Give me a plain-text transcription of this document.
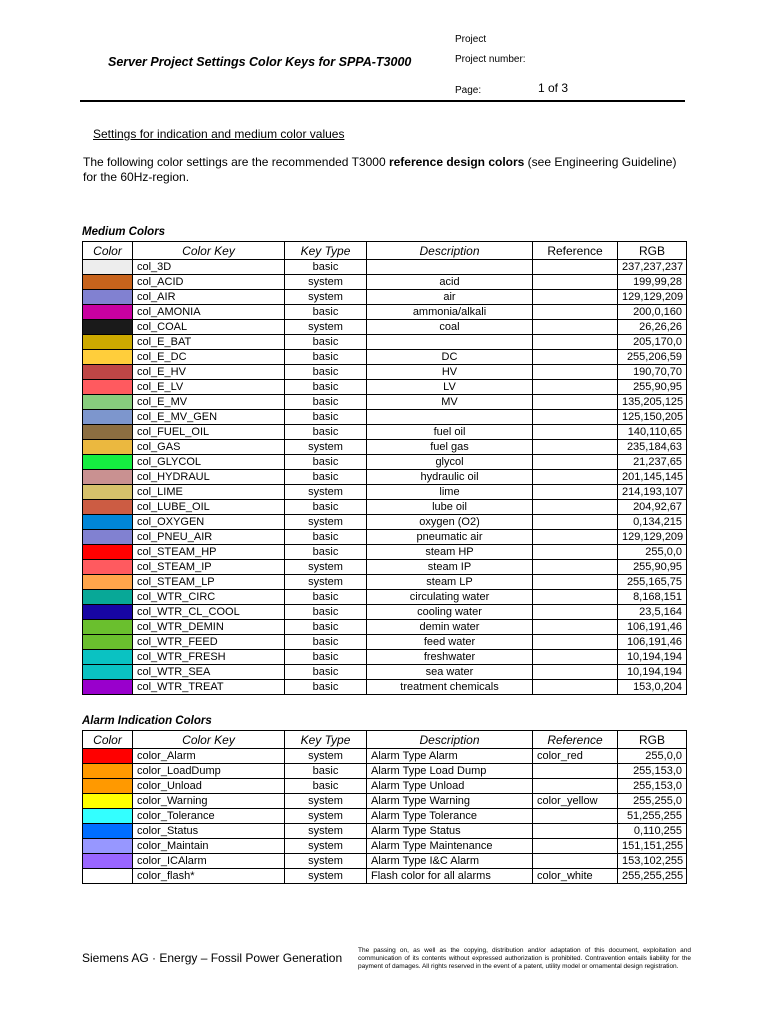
Server Project Settings Color Keys for SPPA-T3000
Project
Project number:
Page:	1 of 3
Settings for indication and medium color values
The following color settings are the recommended T3000 reference design colors (see Engineering Guideline) for the 60Hz-region.
Medium Colors
Color	Color Key	Key Type	Description	Reference	RGB
	col_3D	basic			237,237,237
	col_ACID	system	acid		199,99,28
	col_AIR	system	air		129,129,209
	col_AMONIA	basic	ammonia/alkali		200,0,160
	col_COAL	system	coal		26,26,26
	col_E_BAT	basic			205,170,0
	col_E_DC	basic	DC		255,206,59
	col_E_HV	basic	HV		190,70,70
	col_E_LV	basic	LV		255,90,95
	col_E_MV	basic	MV		135,205,125
	col_E_MV_GEN	basic			125,150,205
	col_FUEL_OIL	basic	fuel oil		140,110,65
	col_GAS	system	fuel gas		235,184,63
	col_GLYCOL	basic	glycol		21,237,65
	col_HYDRAUL	basic	hydraulic oil		201,145,145
	col_LIME	system	lime		214,193,107
	col_LUBE_OIL	basic	lube oil		204,92,67
	col_OXYGEN	system	oxygen (O2)		0,134,215
	col_PNEU_AIR	basic	pneumatic air		129,129,209
	col_STEAM_HP	basic	steam HP		255,0,0
	col_STEAM_IP	system	steam IP		255,90,95
	col_STEAM_LP	system	steam LP		255,165,75
	col_WTR_CIRC	basic	circulating water		8,168,151
	col_WTR_CL_COOL	basic	cooling water		23,5,164
	col_WTR_DEMIN	basic	demin water		106,191,46
	col_WTR_FEED	basic	feed water		106,191,46
	col_WTR_FRESH	basic	freshwater		10,194,194
	col_WTR_SEA	basic	sea water		10,194,194
	col_WTR_TREAT	basic	treatment chemicals		153,0,204
Alarm Indication Colors
Color	Color Key	Key Type	Description	Reference	RGB
	color_Alarm	system	Alarm Type Alarm	color_red	255,0,0
	color_LoadDump	basic	Alarm Type Load Dump		255,153,0
	color_Unload	basic	Alarm Type Unload		255,153,0
	color_Warning	system	Alarm Type Warning	color_yellow	255,255,0
	color_Tolerance	system	Alarm Type Tolerance		51,255,255
	color_Status	system	Alarm Type Status		0,110,255
	color_Maintain	system	Alarm Type Maintenance		151,151,255
	color_ICAlarm	system	Alarm Type I&C Alarm		153,102,255
	color_flash*	system	Flash color for all alarms	color_white	255,255,255
Siemens AG · Energy – Fossil Power Generation
The passing on, as well as the copying, distribution and/or adaptation of this document, exploitation and communication of its contents without expressed authorization is prohibited. Contravention entails liability for the payment of damages. All rights reserved in the event of a patent, utility model or ornamental design registration.
